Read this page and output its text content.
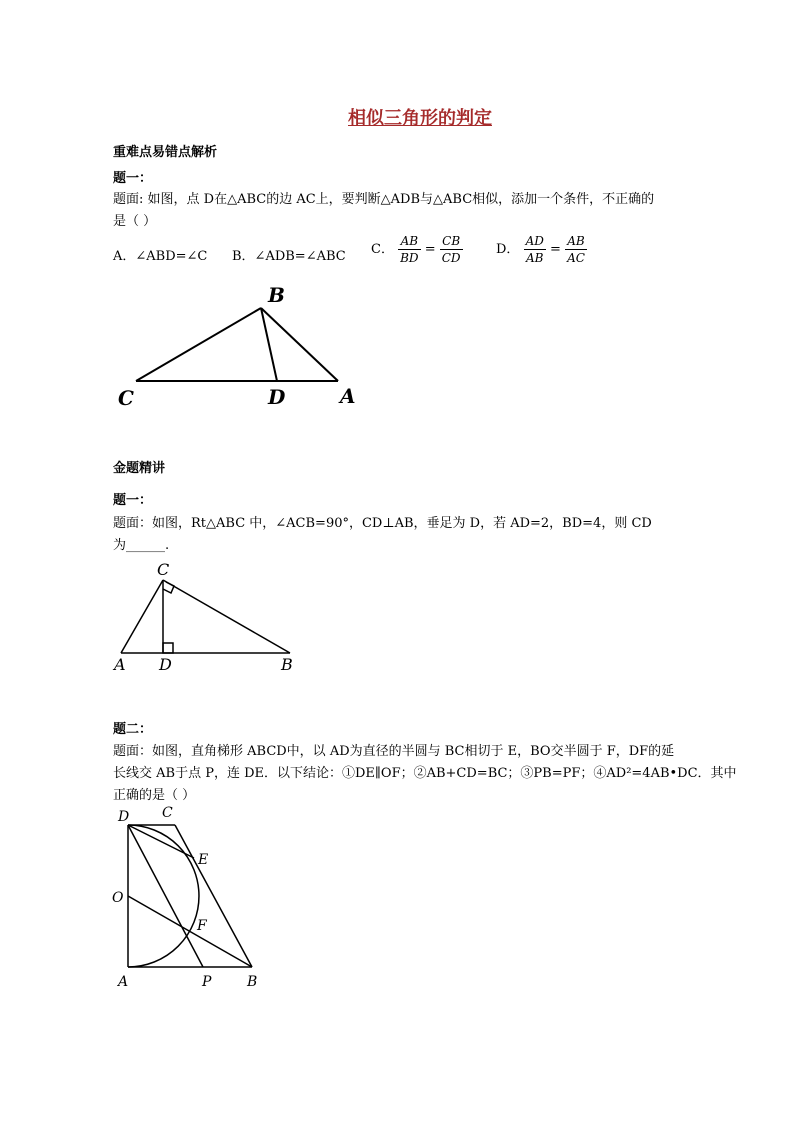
相似三角形的判定
重难点易错点解析
题一：
题面: 如图，点 D在△ABC的边 AC上，要判断△ADB与△ABC相似，添加一个条件，不正确的
是（ ）
A．∠ABD=∠C B．∠ADB=∠ABC C． $\frac{AB}{BD} = \frac{CB}{CD}$	D． $\frac{AD}{AB} = \frac{AB}{AC}$
B
C	D	A
金题精讲
题一：
题面：如图，Rt△ABC 中，∠ACB=90°，CD⊥AB，垂足为 D，若 AD=2，BD=4，则 CD
为______.
C
A D	B
题二：
题面：如图，直角梯形 ABCD中，以 AD为直径的半圆与 BC相切于 E，BO交半圆于 F，DF的延
长线交 AB于点 P，连 DE．以下结论：①DE∥OF；②AB+CD=BC；③PB=PF；④AD²=4AB•DC．其中
正确的是（ ）
D C
E
O
F
A	P	B
